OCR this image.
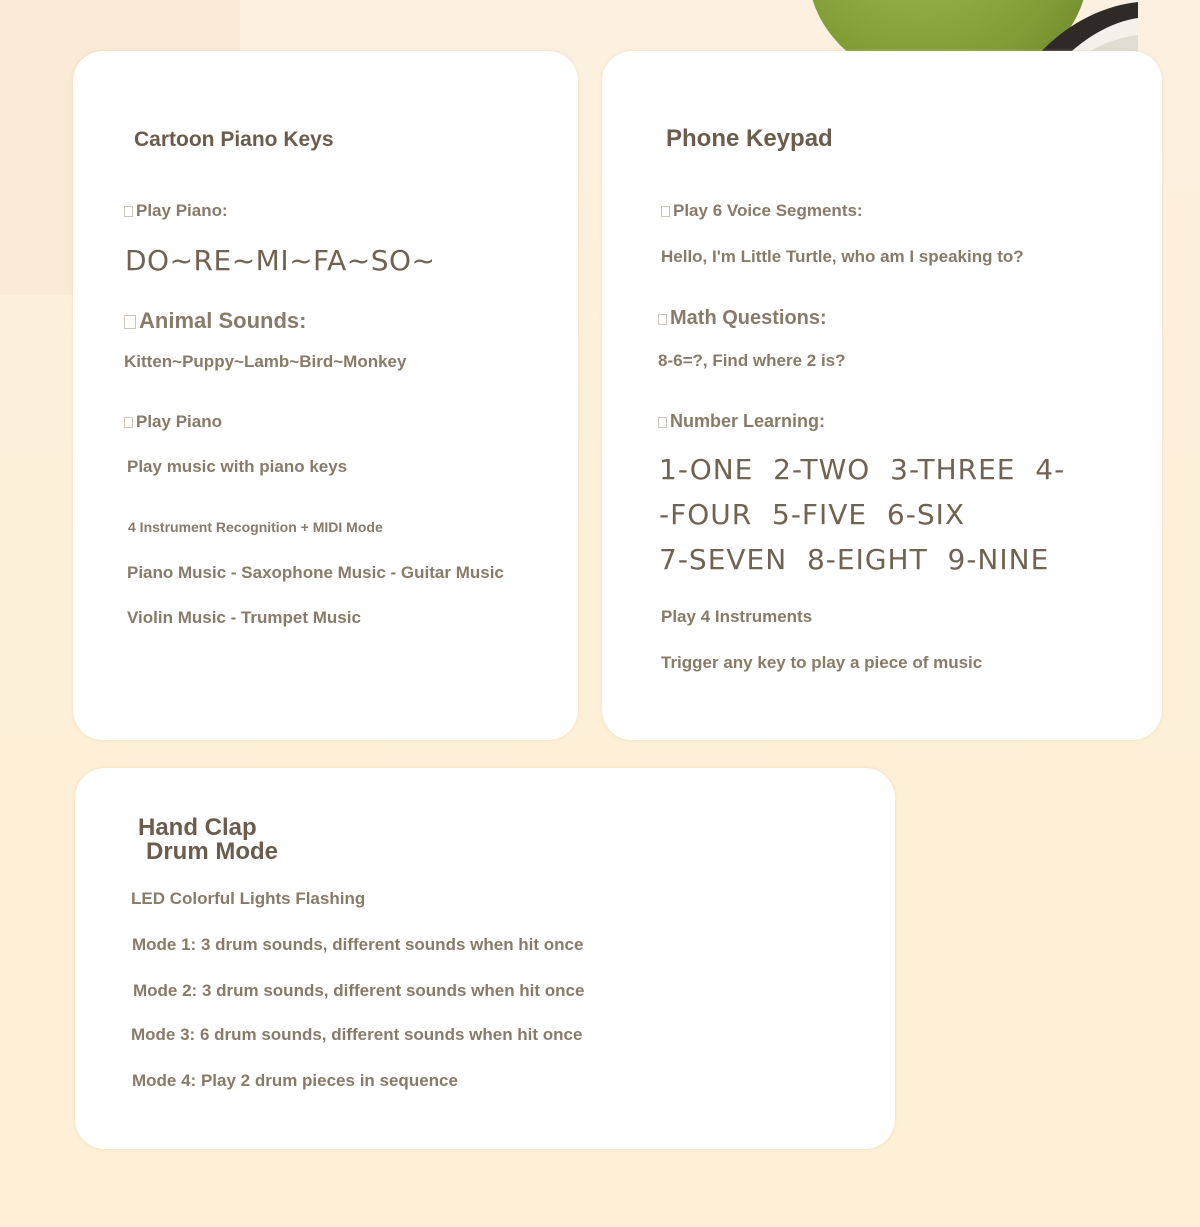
Cartoon Piano Keys
Play Piano:
DO~RE~MI~FA~SO~
Animal Sounds:
Kitten~Puppy~Lamb~Bird~Monkey
Play Piano
Play music with piano keys
4 Instrument Recognition + MIDI Mode
Piano Music - Saxophone Music - Guitar Music
Violin Music - Trumpet Music
Phone Keypad
Play 6 Voice Segments:
Hello, I'm Little Turtle, who am I speaking to?
Math Questions:
8-6=?, Find where 2 is?
Number Learning:
1-ONE  2-TWO  3-THREE  4-
-FOUR  5-FIVE  6-SIX
7-SEVEN  8-EIGHT  9-NINE
Play 4 Instruments
Trigger any key to play a piece of music
Hand Clap
Drum Mode
LED Colorful Lights Flashing
Mode 1: 3 drum sounds, different sounds when hit once
Mode 2: 3 drum sounds, different sounds when hit once
Mode 3: 6 drum sounds, different sounds when hit once
Mode 4: Play 2 drum pieces in sequence
